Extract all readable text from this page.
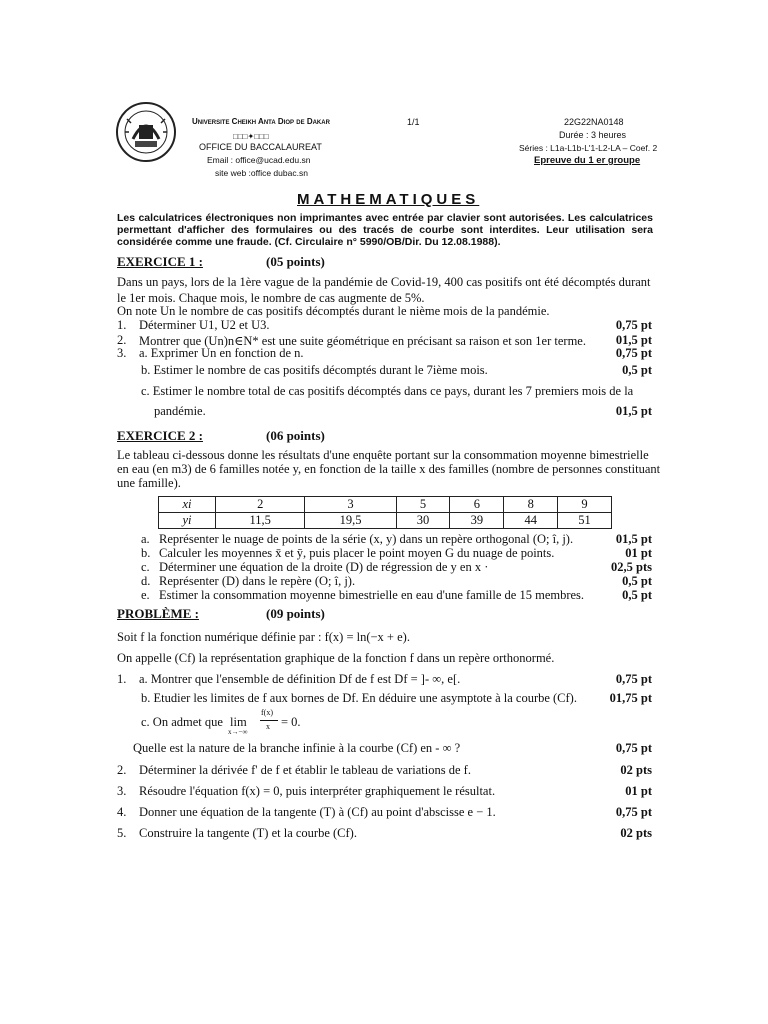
Universite Cheikh Anta Diop de Dakar
□□□✦□□□
OFFICE DU BACCALAUREAT
Email : office@ucad.edu.sn
site web :office dubac.sn
1/1	22G22NA0148
Durée : 3 heures
Séries : L1a-L1b-L'1-L2-LA – Coef. 2
Epreuve du 1 er groupe
MATHEMATIQUES
Les calculatrices électroniques non imprimantes avec entrée par clavier sont autorisées. Les calculatrices permettant d'afficher des formulaires ou des tracés de courbe sont interdites. Leur utilisation sera considérée comme une fraude. (Cf. Circulaire n° 5990/OB/Dir. Du 12.08.1988).
EXERCICE 1 :	(05 points)
Dans un pays, lors de la 1ère vague de la pandémie de Covid-19, 400 cas positifs ont été décomptés durant
le 1er mois. Chaque mois, le nombre de cas augmente de 5%.
On note Un le nombre de cas positifs décomptés durant le nième mois de la pandémie.
1. Déterminer U1, U2 et U3.	0,75 pt
2. Montrer que (Un)n∈N* est une suite géométrique en précisant sa raison et son 1er terme. 01,5 pt
3. a. Exprimer Un en fonction de n.	0,75 pt
b. Estimer le nombre de cas positifs décomptés durant le 7ième mois.	0,5 pt
c. Estimer le nombre total de cas positifs décomptés dans ce pays, durant les 7 premiers mois de la
pandémie.	01,5 pt
EXERCICE 2 :	(06 points)
Le tableau ci-dessous donne les résultats d'une enquête portant sur la consommation moyenne bimestrielle
en eau (en m3) de 6 familles notée y, en fonction de la taille x des familles (nombre de personnes constituant
une famille).
xi	2	3	5	6	8	9
yi	11,5	19,5	30	39	44	51
a. Représenter le nuage de points de la série (x, y) dans un repère orthogonal (O; î, j).	01,5 pt
b. Calculer les moyennes x̄ et ȳ, puis placer le point moyen G du nuage de points.	01 pt
c. Déterminer une équation de la droite (D) de régression de y en x ·	02,5 pts
d. Représenter (D) dans le repère (O; î, j).	0,5 pt
e. Estimer la consommation moyenne bimestrielle en eau d'une famille de 15 membres.	0,5 pt
PROBLÈME :	(09 points)
Soit f la fonction numérique définie par : f(x) = ln(−x + e).
On appelle (Cf) la représentation graphique de la fonction f dans un repère orthonormé.
1. a. Montrer que l'ensemble de définition Df de f est Df = ]- ∞, e[.	0,75 pt
b. Etudier les limites de f aux bornes de Df. En déduire une asymptote à la courbe (Cf).	01,75 pt
c. On admet que lim
x→−∞
f(x)
x = 0.
Quelle est la nature de la branche infinie à la courbe (Cf) en - ∞ ?	0,75 pt
2. Déterminer la dérivée f' de f et établir le tableau de variations de f.	02 pts
3. Résoudre l'équation f(x) = 0, puis interpréter graphiquement le résultat.	01 pt
4. Donner une équation de la tangente (T) à (Cf) au point d'abscisse e − 1.	0,75 pt
5. Construire la tangente (T) et la courbe (Cf).	02 pts
